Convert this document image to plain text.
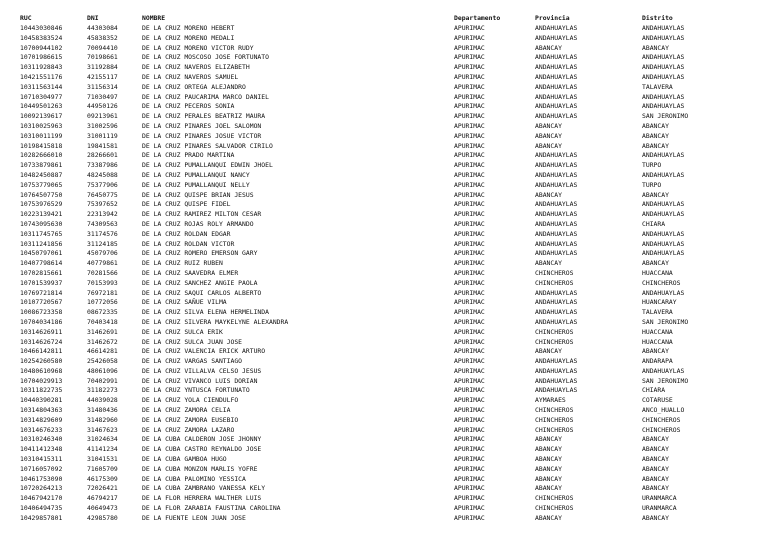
RUC	DNI	NOMBRE	Departamento	Provincia	Distrito
10443030846	44303084	DE LA CRUZ MORENO HEBERT	APURIMAC	ANDAHUAYLAS	ANDAHUAYLAS
10458383524	45838352	DE LA CRUZ MORENO MEDALI	APURIMAC	ANDAHUAYLAS	ANDAHUAYLAS
10700944102	70094410	DE LA CRUZ MORENO VICTOR RUDY	APURIMAC	ABANCAY	ABANCAY
10701986615	70198661	DE LA CRUZ MOSCOSO JOSE FORTUNATO	APURIMAC	ANDAHUAYLAS	ANDAHUAYLAS
10311928843	31192884	DE LA CRUZ NAVEROS ELIZABETH	APURIMAC	ANDAHUAYLAS	ANDAHUAYLAS
10421551176	42155117	DE LA CRUZ NAVEROS SAMUEL	APURIMAC	ANDAHUAYLAS	ANDAHUAYLAS
10311563144	31156314	DE LA CRUZ ORTEGA ALEJANDRO	APURIMAC	ANDAHUAYLAS	TALAVERA
10710304977	71030497	DE LA CRUZ PAUCARIMA MARCO DANIEL	APURIMAC	ANDAHUAYLAS	ANDAHUAYLAS
10449501263	44950126	DE LA CRUZ PECEROS SONIA	APURIMAC	ANDAHUAYLAS	ANDAHUAYLAS
10092139617	09213961	DE LA CRUZ PERALES BEATRIZ MAURA	APURIMAC	ANDAHUAYLAS	SAN JERONIMO
10310025963	31002596	DE LA CRUZ PINARES JOEL SALOMON	APURIMAC	ABANCAY	ABANCAY
10310011199	31001119	DE LA CRUZ PINARES JOSUE VICTOR	APURIMAC	ABANCAY	ABANCAY
10198415818	19841581	DE LA CRUZ PINARES SALVADOR CIRILO	APURIMAC	ABANCAY	ABANCAY
10282666010	28266601	DE LA CRUZ PRADO MARTINA	APURIMAC	ANDAHUAYLAS	ANDAHUAYLAS
10733879861	73387986	DE LA CRUZ PUMALLANQUI EDWIN JHOEL	APURIMAC	ANDAHUAYLAS	TURPO
10482450887	48245088	DE LA CRUZ PUMALLANQUI NANCY	APURIMAC	ANDAHUAYLAS	ANDAHUAYLAS
10753779065	75377906	DE LA CRUZ PUMALLANQUI NELLY	APURIMAC	ANDAHUAYLAS	TURPO
10764507750	76450775	DE LA CRUZ QUISPE BRIAN JESUS	APURIMAC	ABANCAY	ABANCAY
10753976529	75397652	DE LA CRUZ QUISPE FIDEL	APURIMAC	ANDAHUAYLAS	ANDAHUAYLAS
10223139421	22313942	DE LA CRUZ RAMIREZ MILTON CESAR	APURIMAC	ANDAHUAYLAS	ANDAHUAYLAS
10743095630	74309563	DE LA CRUZ ROJAS ROLY ARMANDO	APURIMAC	ANDAHUAYLAS	CHIARA
10311745765	31174576	DE LA CRUZ ROLDAN EDGAR	APURIMAC	ANDAHUAYLAS	ANDAHUAYLAS
10311241856	31124185	DE LA CRUZ ROLDAN VICTOR	APURIMAC	ANDAHUAYLAS	ANDAHUAYLAS
10450797061	45079706	DE LA CRUZ ROMERO EMERSON GARY	APURIMAC	ANDAHUAYLAS	ANDAHUAYLAS
10407798614	40779861	DE LA CRUZ RUIZ RUBEN	APURIMAC	ABANCAY	ABANCAY
10702815661	70281566	DE LA CRUZ SAAVEDRA ELMER	APURIMAC	CHINCHEROS	HUACCANA
10701539937	70153993	DE LA CRUZ SANCHEZ ANGIE PAOLA	APURIMAC	CHINCHEROS	CHINCHEROS
10769721814	76972181	DE LA CRUZ SAQUI CARLOS ALBERTO	APURIMAC	ANDAHUAYLAS	ANDAHUAYLAS
10107720567	10772056	DE LA CRUZ SAÑUE VILMA	APURIMAC	ANDAHUAYLAS	HUANCARAY
10086723358	08672335	DE LA CRUZ SILVA ELENA HERMELINDA	APURIMAC	ANDAHUAYLAS	TALAVERA
10704034186	70403418	DE LA CRUZ SILVERA MAYKELYNE ALEXANDRA	APURIMAC	ANDAHUAYLAS	SAN JERONIMO
10314626911	31462691	DE LA CRUZ SULCA ERIK	APURIMAC	CHINCHEROS	HUACCANA
10314626724	31462672	DE LA CRUZ SULCA JUAN JOSE	APURIMAC	CHINCHEROS	HUACCANA
10466142811	46614281	DE LA CRUZ VALENCIA ERICK ARTURO	APURIMAC	ABANCAY	ABANCAY
10254260580	25426058	DE LA CRUZ VARGAS SANTIAGO	APURIMAC	ANDAHUAYLAS	ANDARAPA
10480610968	48061096	DE LA CRUZ VILLALVA CELSO JESUS	APURIMAC	ANDAHUAYLAS	ANDAHUAYLAS
10704029913	70402991	DE LA CRUZ VIVANCO LUIS DORIAN	APURIMAC	ANDAHUAYLAS	SAN JERONIMO
10311822735	31182273	DE LA CRUZ YNTUSCA FORTUNATO	APURIMAC	ANDAHUAYLAS	CHIARA
10440390281	44039028	DE LA CRUZ YOLA CIENDULFO	APURIMAC	AYMARAES	COTARUSE
10314804363	31480436	DE LA CRUZ ZAMORA CELIA	APURIMAC	CHINCHEROS	ANCO_HUALLO
10314829609	31482960	DE LA CRUZ ZAMORA EUSEBIO	APURIMAC	CHINCHEROS	CHINCHEROS
10314676233	31467623	DE LA CRUZ ZAMORA LAZARO	APURIMAC	CHINCHEROS	CHINCHEROS
10310246340	31024634	DE LA CUBA CALDERON JOSE JHONNY	APURIMAC	ABANCAY	ABANCAY
10411412348	41141234	DE LA CUBA CASTRO REYNALDO JOSE	APURIMAC	ABANCAY	ABANCAY
10310415311	31041531	DE LA CUBA GAMBOA HUGO	APURIMAC	ABANCAY	ABANCAY
10716057092	71605709	DE LA CUBA MONZON MARLIS YOFRE	APURIMAC	ABANCAY	ABANCAY
10461753090	46175309	DE LA CUBA PALOMINO YESSICA	APURIMAC	ABANCAY	ABANCAY
10720264213	72026421	DE LA CUBA ZAMBRANO VANESSA KELY	APURIMAC	ABANCAY	ABANCAY
10467942170	46794217	DE LA FLOR HERRERA WALTHER LUIS	APURIMAC	CHINCHEROS	URANMARCA
10406494735	40649473	DE LA FLOR ZARABIA FAUSTINA CAROLINA	APURIMAC	CHINCHEROS	URANMARCA
10429857801	42985780	DE LA FUENTE LEON JUAN JOSE	APURIMAC	ABANCAY	ABANCAY
